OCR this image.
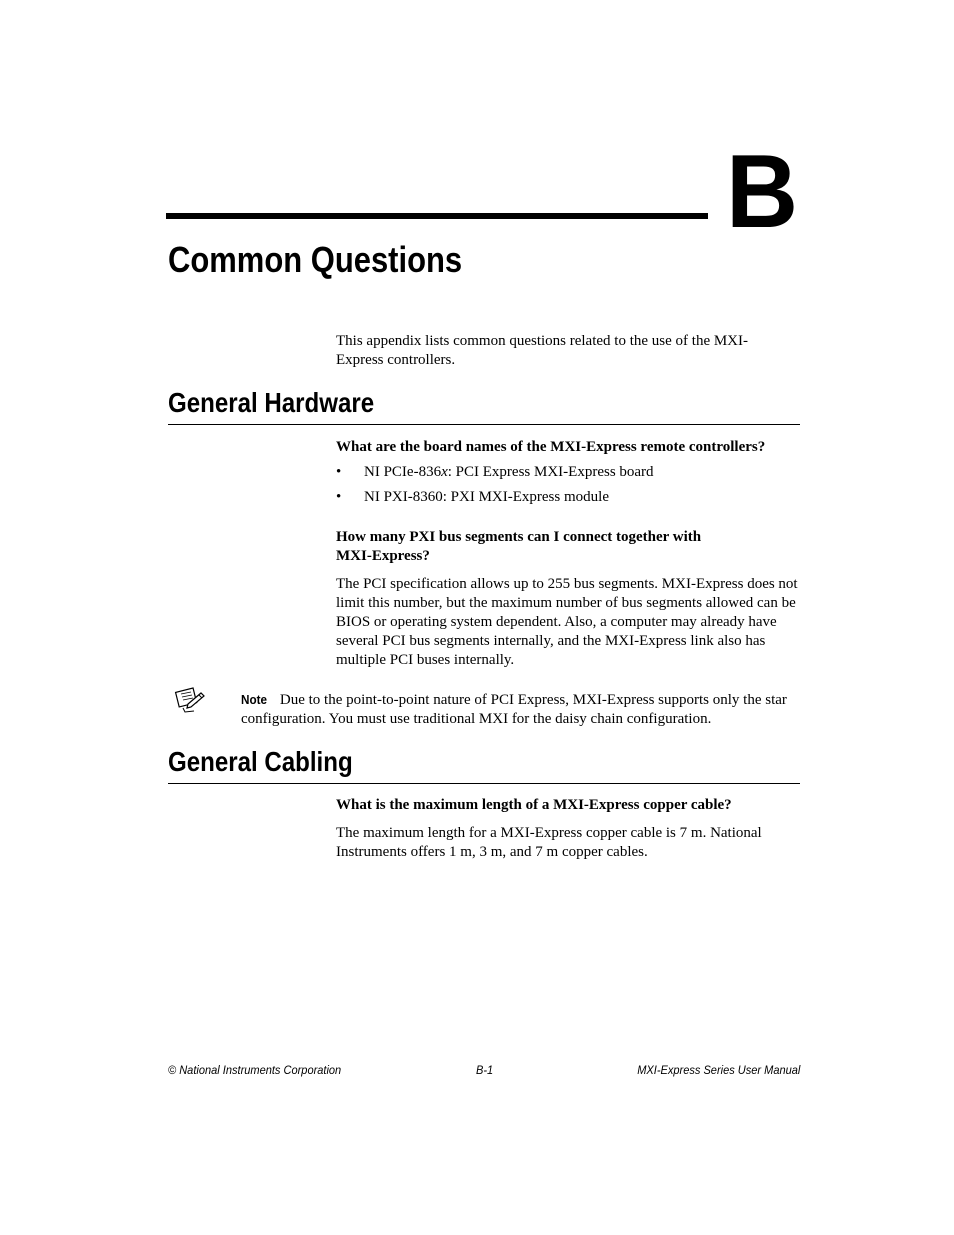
B
Common Questions

This appendix lists common questions related to the use of the MXI-Express controllers.

General Hardware

What are the board names of the MXI-Express remote controllers?

• NI PCIe-836x: PCI Express MXI-Express board
• NI PXI-8360: PXI MXI-Express module

How many PXI bus segments can I connect together with MXI-Express?

The PCI specification allows up to 255 bus segments. MXI-Express does not limit this number, but the maximum number of bus segments allowed can be BIOS or operating system dependent. Also, a computer may already have several PCI bus segments internally, and the MXI-Express link also has multiple PCI buses internally.

Note Due to the point-to-point nature of PCI Express, MXI-Express supports only the star configuration. You must use traditional MXI for the daisy chain configuration.

General Cabling

What is the maximum length of a MXI-Express copper cable?

The maximum length for a MXI-Express copper cable is 7 m. National Instruments offers 1 m, 3 m, and 7 m copper cables.

© National Instruments Corporation	B-1	MXI-Express Series User Manual
